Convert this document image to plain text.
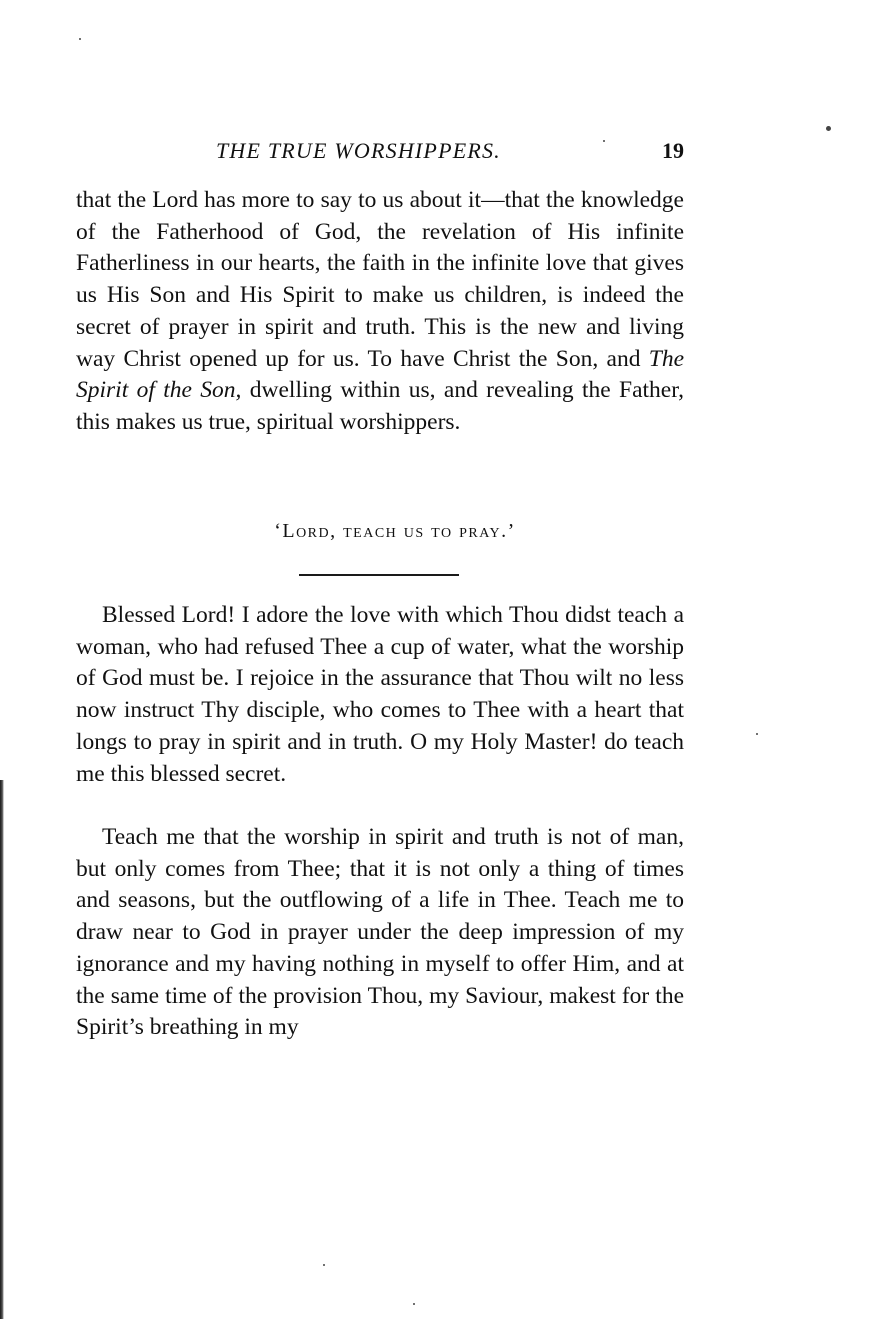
THE TRUE WORSHIPPERS.	19

that the Lord has more to say to us about it—that the knowledge of the Fatherhood of God, the revelation of His infinite Fatherliness in our hearts, the faith in the infinite love that gives us His Son and His Spirit to make us children, is indeed the secret of prayer in spirit and truth. This is the new and living way Christ opened up for us. To have Christ the Son, and The Spirit of the Son, dwelling within us, and revealing the Father, this makes us true, spiritual worshippers.

‘Lord, teach us to pray.’

Blessed Lord! I adore the love with which Thou didst teach a woman, who had refused Thee a cup of water, what the worship of God must be. I rejoice in the assurance that Thou wilt no less now instruct Thy disciple, who comes to Thee with a heart that longs to pray in spirit and in truth. O my Holy Master! do teach me this blessed secret.

Teach me that the worship in spirit and truth is not of man, but only comes from Thee; that it is not only a thing of times and seasons, but the outflowing of a life in Thee. Teach me to draw near to God in prayer under the deep impression of my ignorance and my having nothing in myself to offer Him, and at the same time of the provision Thou, my Saviour, makest for the Spirit’s breathing in my
